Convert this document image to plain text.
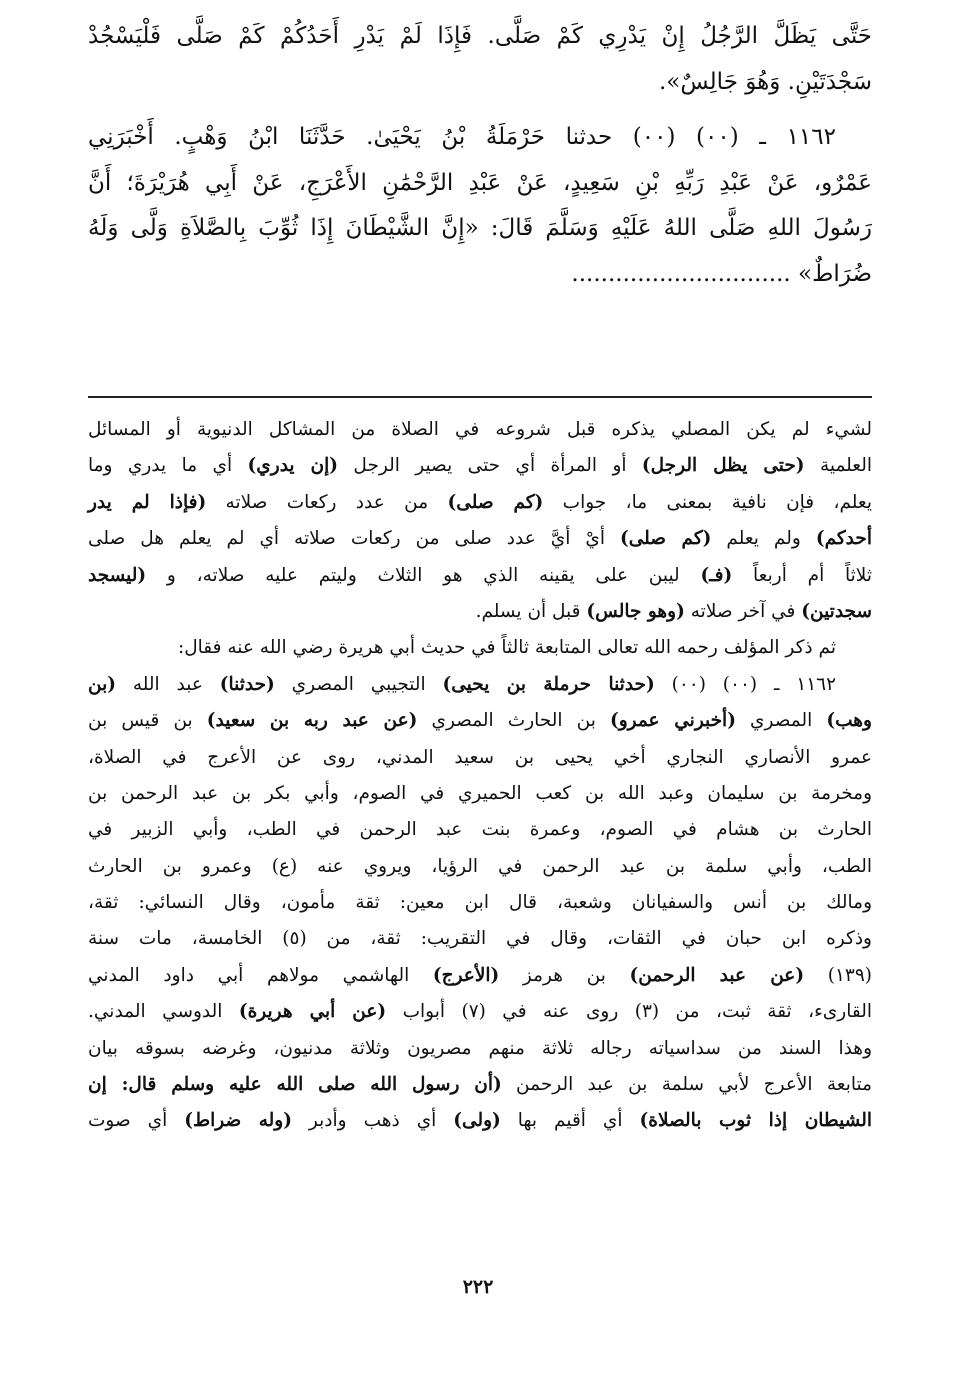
حَتَّى يَظَلَّ الرَّجُلُ إِنْ يَدْرِي كَمْ صَلَّى. فَإِذَا لَمْ يَدْرِ أَحَدُكُمْ كَمْ صَلَّى فَلْيَسْجُدْ
سَجْدَتَيْنِ. وَهُوَ جَالِسٌ».
١١٦٢ ـ (٠٠) (٠٠) حدثنا حَرْمَلَةُ بْنُ يَحْيَىٰ. حَدَّثَنَا ابْنُ وَهْبٍ. أَخْبَرَنِي
عَمْرٌو، عَنْ عَبْدِ رَبِّهِ بْنِ سَعِيدٍ، عَنْ عَبْدِ الرَّحْمَٰنِ الأَعْرَجِ، عَنْ أَبِي هُرَيْرَةَ؛ أَنَّ
رَسُولَ اللهِ صَلَّى اللهُ عَلَيْهِ وَسَلَّمَ قَالَ: «إِنَّ الشَّيْطَانَ إِذَا ثُوِّبَ بِالصَّلاَةِ وَلَّى وَلَهُ
ضُرَاطٌ» ..............................
لشيء لم يكن المصلي يذكره قبل شروعه في الصلاة من المشاكل الدنيوية أو المسائل
العلمية (حتى يظل الرجل) أو المرأة أي حتى يصير الرجل (إن يدري) أي ما يدري وما
يعلم، فإن نافية بمعنى ما، جواب (كم صلى) من عدد ركعات صلاته (فإذا لم يدر
أحدكم) ولم يعلم (كم صلى) أيْ أيَّ عدد صلى من ركعات صلاته أي لم يعلم هل صلى
ثلاثاً أم أربعاً (فـ) ليبن على يقينه الذي هو الثلاث وليتم عليه صلاته، و (ليسجد
سجدتين) في آخر صلاته (وهو جالس) قبل أن يسلم.
ثم ذكر المؤلف رحمه الله تعالى المتابعة ثالثاً في حديث أبي هريرة رضي الله عنه فقال:
١١٦٢ ـ (٠٠) (٠٠) (حدثنا حرملة بن يحيى) التجيبي المصري (حدثنا) عبد الله (بن
وهب) المصري (أخبرني عمرو) بن الحارث المصري (عن عبد ربه بن سعيد) بن قيس بن
عمرو الأنصاري النجاري أخي يحيى بن سعيد المدني، روى عن الأعرج في الصلاة،
ومخرمة بن سليمان وعبد الله بن كعب الحميري في الصوم، وأبي بكر بن عبد الرحمن بن
الحارث بن هشام في الصوم، وعمرة بنت عبد الرحمن في الطب، وأبي الزبير في
الطب، وأبي سلمة بن عبد الرحمن في الرؤيا، ويروي عنه (ع) وعمرو بن الحارث
ومالك بن أنس والسفيانان وشعبة، قال ابن معين: ثقة مأمون، وقال النسائي: ثقة،
وذكره ابن حبان في الثقات، وقال في التقريب: ثقة، من (٥) الخامسة، مات سنة
(١٣٩) (عن عبد الرحمن) بن هرمز (الأعرج) الهاشمي مولاهم أبي داود المدني
القارىء، ثقة ثبت، من (٣) روى عنه في (٧) أبواب (عن أبي هريرة) الدوسي المدني.
وهذا السند من سداسياته رجاله ثلاثة منهم مصريون وثلاثة مدنيون، وغرضه بسوقه بيان
متابعة الأعرج لأبي سلمة بن عبد الرحمن (أن رسول الله صلى الله عليه وسلم قال: إن
الشيطان إذا ثوب بالصلاة) أي أقيم بها (ولى) أي ذهب وأدبر (وله ضراط) أي صوت
٢٢٢
